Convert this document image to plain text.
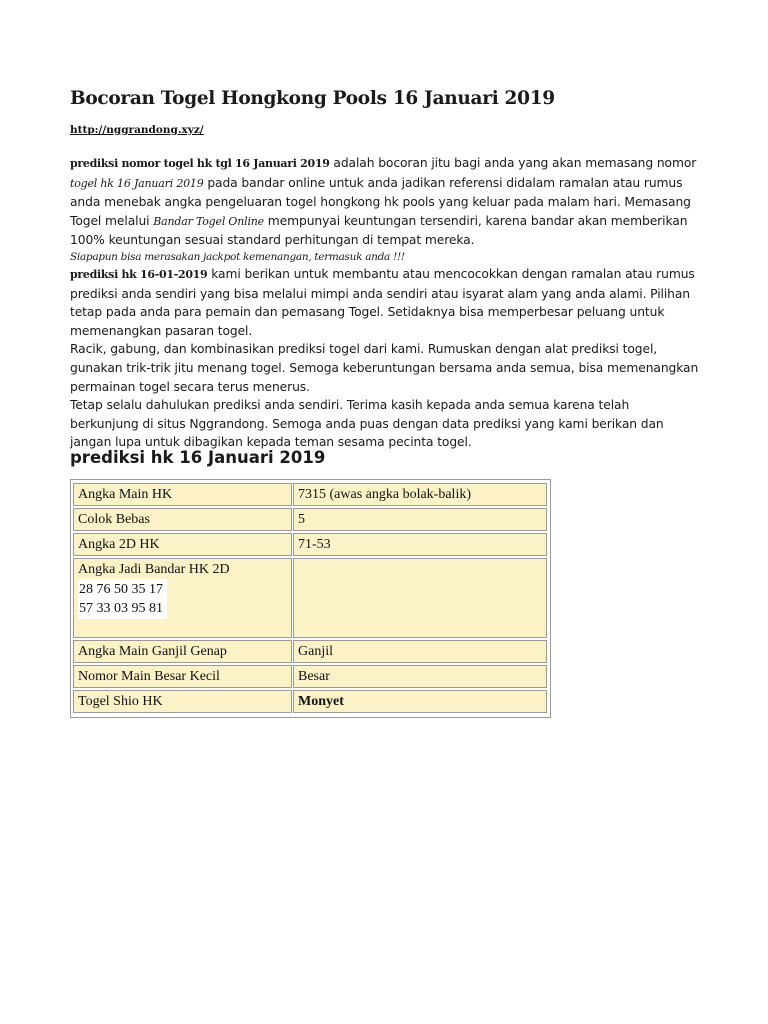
Bocoran Togel Hongkong Pools 16 Januari 2019
http://nggrandong.xyz/

prediksi nomor togel hk tgl 16 Januari 2019 adalah bocoran jitu bagi anda yang akan memasang nomor togel hk 16 Januari 2019 pada bandar online untuk anda jadikan referensi didalam ramalan atau rumus anda menebak angka pengeluaran togel hongkong hk pools yang keluar pada malam hari. Memasang Togel melalui Bandar Togel Online mempunyai keuntungan tersendiri, karena bandar akan memberikan 100% keuntungan sesuai standard perhitungan di tempat mereka.

Siapapun bisa merasakan jackpot kemenangan, termasuk anda !!!

prediksi hk 16-01-2019 kami berikan untuk membantu atau mencocokkan dengan ramalan atau rumus prediksi anda sendiri yang bisa melalui mimpi anda sendiri atau isyarat alam yang anda alami. Pilihan tetap pada anda para pemain dan pemasang Togel. Setidaknya bisa memperbesar peluang untuk memenangkan pasaran togel.

Racik, gabung, dan kombinasikan prediksi togel dari kami. Rumuskan dengan alat prediksi togel, gunakan trik-trik jitu menang togel. Semoga keberuntungan bersama anda semua, bisa memenangkan permainan togel secara terus menerus.

Tetap selalu dahulukan prediksi anda sendiri. Terima kasih kepada anda semua karena telah berkunjung di situs Nggrandong. Semoga anda puas dengan data prediksi yang kami berikan dan jangan lupa untuk dibagikan kepada teman sesama pecinta togel.

prediksi hk 16 Januari 2019
Angka Main HK	7315 (awas angka bolak-balik)
Colok Bebas	5
Angka 2D HK	71-53
Angka Jadi Bandar HK 2D
28 76 50 35 17
57 33 03 95 81
Angka Main Ganjil Genap	Ganjil
Nomor Main Besar Kecil	Besar
Togel Shio HK	Monyet
